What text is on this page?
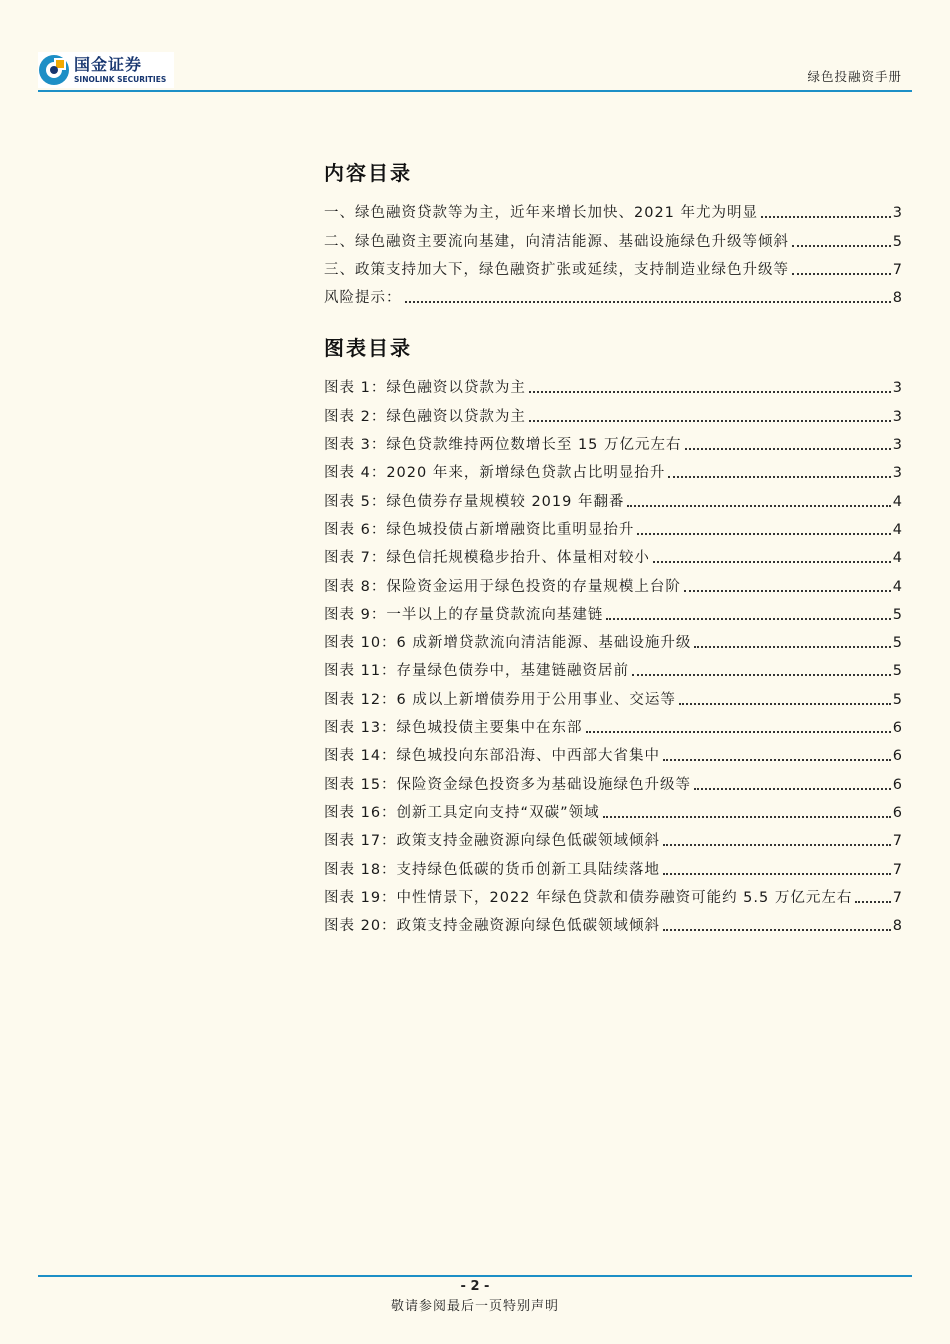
国金证券
SINOLINK SECURITIES	绿色投融资手册
内容目录
一、绿色融资贷款等为主，近年来增长加快、2021 年尤为明显	3
二、绿色融资主要流向基建，向清洁能源、基础设施绿色升级等倾斜	5
三、政策支持加大下，绿色融资扩张或延续，支持制造业绿色升级等	7
风险提示：	8
图表目录
图表 1：绿色融资以贷款为主	3
图表 2：绿色融资以贷款为主	3
图表 3：绿色贷款维持两位数增长至 15 万亿元左右	3
图表 4：2020 年来，新增绿色贷款占比明显抬升	3
图表 5：绿色债券存量规模较 2019 年翻番	4
图表 6：绿色城投债占新增融资比重明显抬升	4
图表 7：绿色信托规模稳步抬升、体量相对较小	4
图表 8：保险资金运用于绿色投资的存量规模上台阶	4
图表 9：一半以上的存量贷款流向基建链	5
图表 10：6 成新增贷款流向清洁能源、基础设施升级	5
图表 11：存量绿色债券中，基建链融资居前	5
图表 12：6 成以上新增债券用于公用事业、交运等	5
图表 13：绿色城投债主要集中在东部	6
图表 14：绿色城投向东部沿海、中西部大省集中	6
图表 15：保险资金绿色投资多为基础设施绿色升级等	6
图表 16：创新工具定向支持“双碳”领域	6
图表 17：政策支持金融资源向绿色低碳领域倾斜	7
图表 18：支持绿色低碳的货币创新工具陆续落地	7
图表 19：中性情景下，2022 年绿色贷款和债券融资可能约 5.5 万亿元左右	7
图表 20：政策支持金融资源向绿色低碳领域倾斜	8
- 2 -
敬请参阅最后一页特别声明
